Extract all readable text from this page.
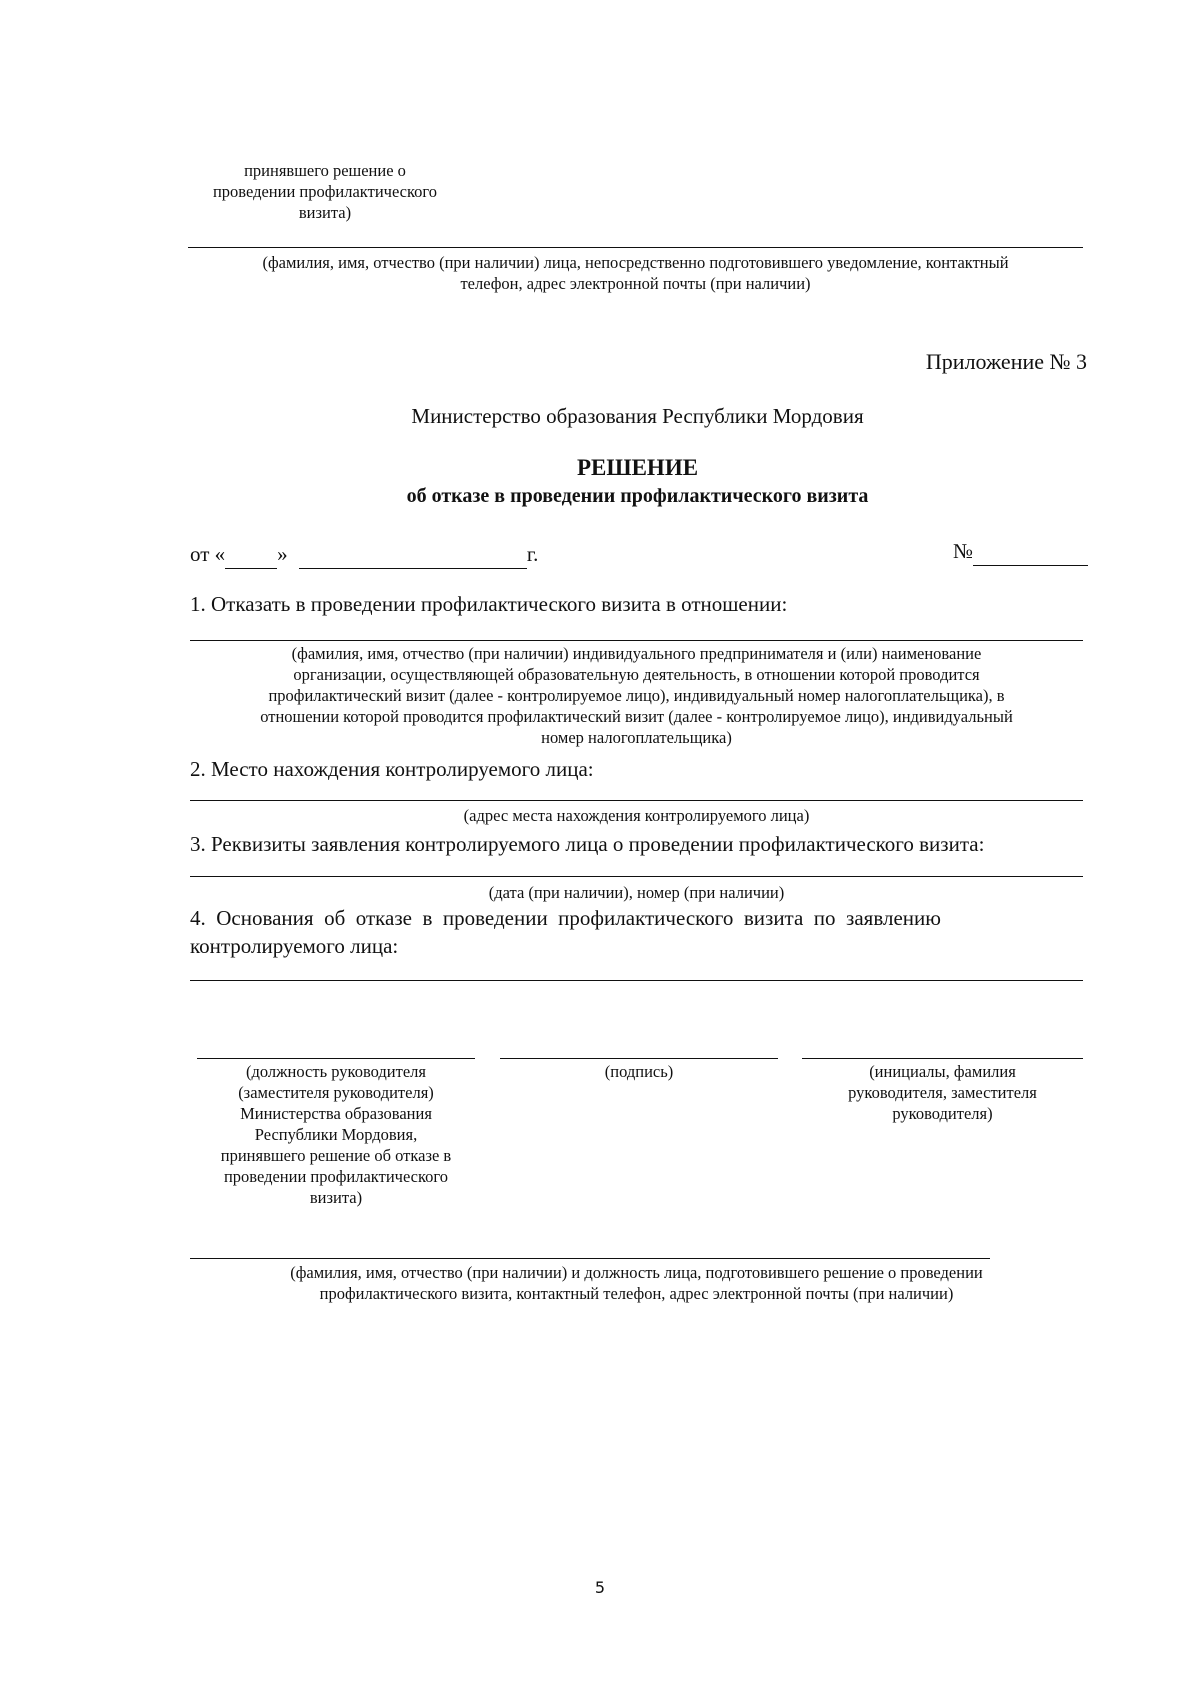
принявшего решение о
проведении профилактического
визита)
(фамилия, имя, отчество (при наличии) лица, непосредственно подготовившего уведомление, контактный
телефон, адрес электронной почты (при наличии)
Приложение № 3
Министерство образования Республики Мордовия
РЕШЕНИЕ
об отказе в проведении профилактического визита
от « »	г.	№
1. Отказать в проведении профилактического визита в отношении:
(фамилия, имя, отчество (при наличии) индивидуального предпринимателя и (или) наименование
организации, осуществляющей образовательную деятельность, в отношении которой проводится
профилактический визит (далее - контролируемое лицо), индивидуальный номер налогоплательщика), в
отношении которой проводится профилактический визит (далее - контролируемое лицо), индивидуальный
номер налогоплательщика)
2. Место нахождения контролируемого лица:
(адрес места нахождения контролируемого лица)
3. Реквизиты заявления контролируемого лица о проведении профилактического визита:
(дата (при наличии), номер (при наличии)
4.  Основания  об  отказе  в  проведении  профилактического  визита  по  заявлению
контролируемого лица:
(должность руководителя
(заместителя руководителя)
Министерства образования
Республики Мордовия,
принявшего решение об отказе в
проведении профилактического
визита)
(подпись)	(инициалы, фамилия
руководителя, заместителя
руководителя)
(фамилия, имя, отчество (при наличии) и должность лица, подготовившего решение о проведении
профилактического визита, контактный телефон, адрес электронной почты (при наличии)
5
